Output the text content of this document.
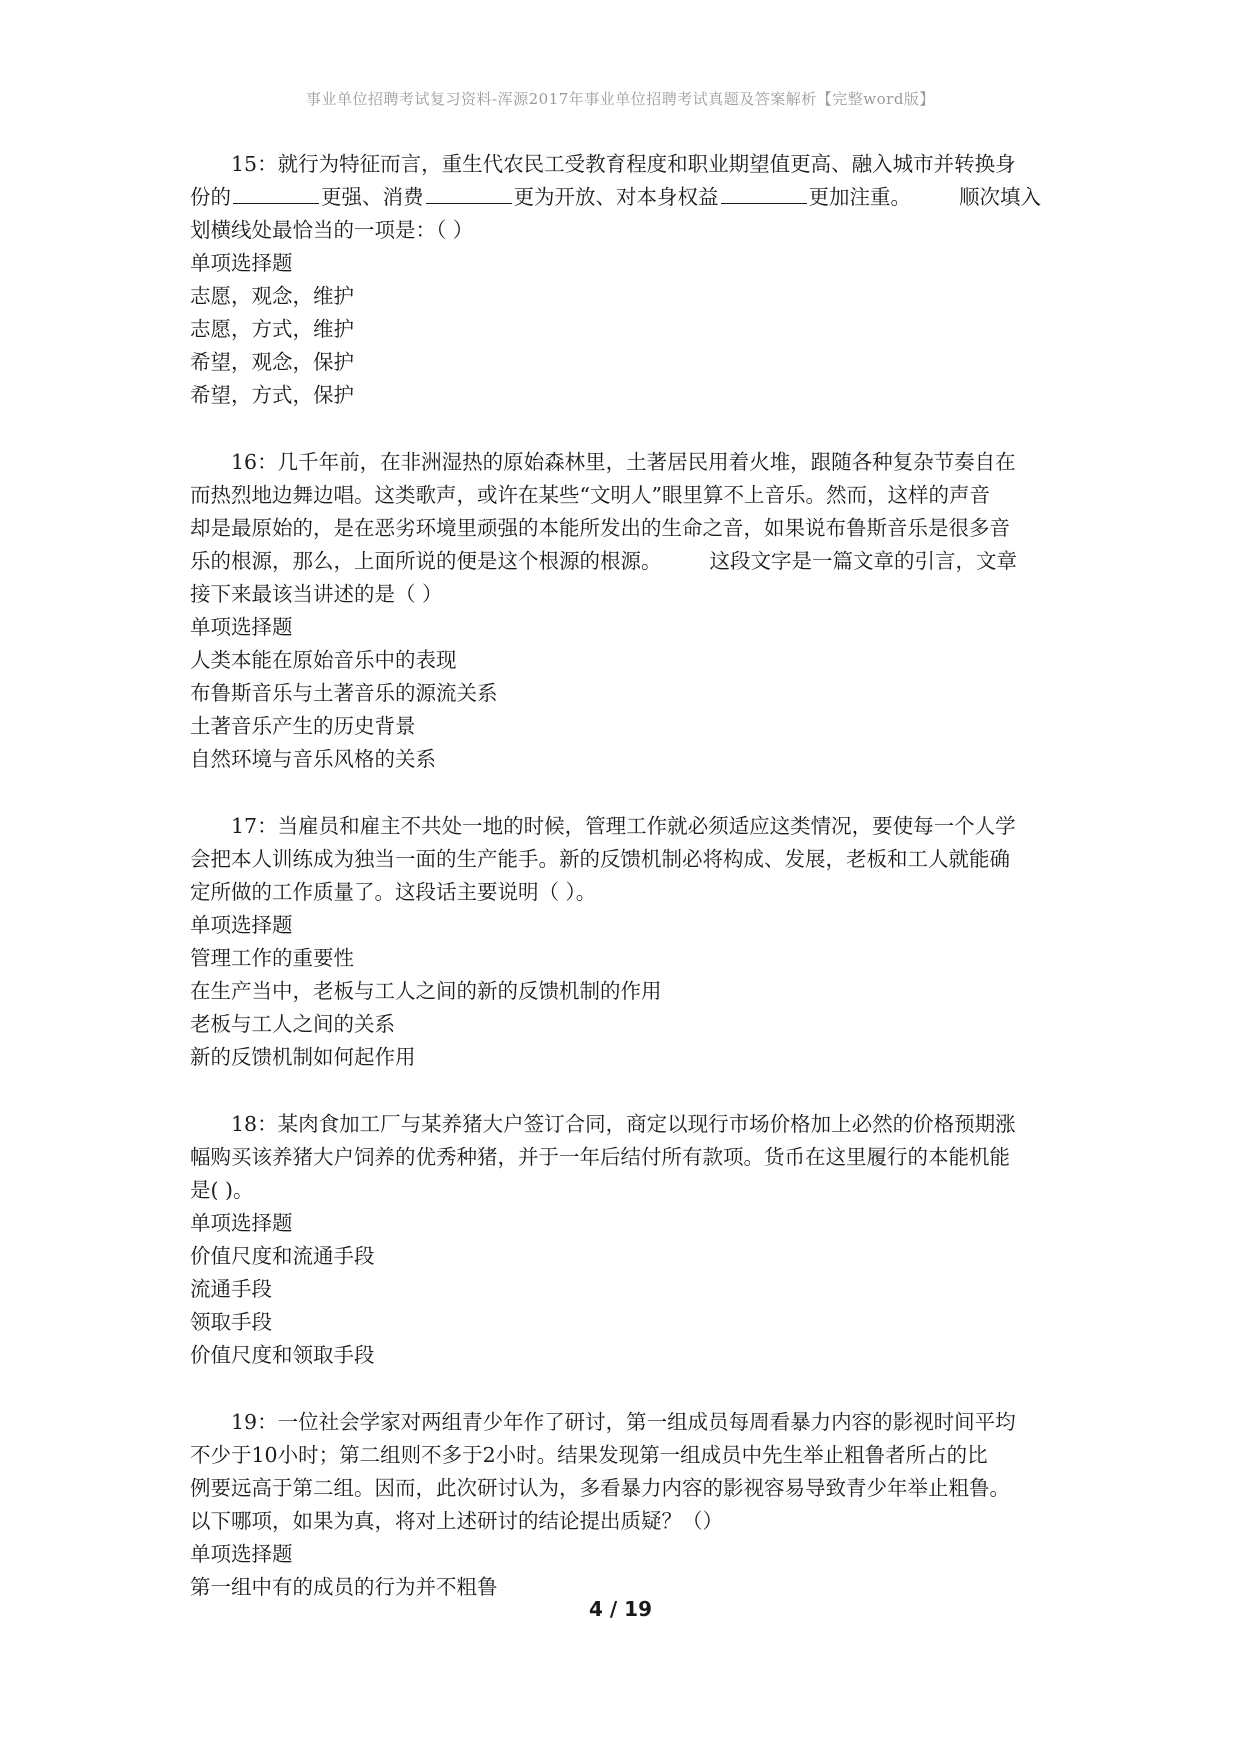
事业单位招聘考试复习资料-浑源2017年事业单位招聘考试真题及答案解析【完整word版】
15：就行为特征而言，重生代农民工受教育程度和职业期望值更高、融入城市并转换身
份的	更强、消费	更为开放、对本身权益	更加注重。 顺次填入
划横线处最恰当的一项是：（ ）
单项选择题
志愿，观念，维护
志愿，方式，维护
希望，观念，保护
希望，方式，保护
16：几千年前，在非洲湿热的原始森林里，土著居民用着火堆，跟随各种复杂节奏自在
而热烈地边舞边唱。这类歌声，或许在某些“文明人”眼里算不上音乐。然而，这样的声音
却是最原始的，是在恶劣环境里顽强的本能所发出的生命之音，如果说布鲁斯音乐是很多音
乐的根源，那么，上面所说的便是这个根源的根源。 这段文字是一篇文章的引言，文章
接下来最该当讲述的是（ ）
单项选择题
人类本能在原始音乐中的表现
布鲁斯音乐与土著音乐的源流关系
土著音乐产生的历史背景
自然环境与音乐风格的关系
17：当雇员和雇主不共处一地的时候，管理工作就必须适应这类情况，要使每一个人学
会把本人训练成为独当一面的生产能手。新的反馈机制必将构成、发展，老板和工人就能确
定所做的工作质量了。这段话主要说明（ ）。
单项选择题
管理工作的重要性
在生产当中，老板与工人之间的新的反馈机制的作用
老板与工人之间的关系
新的反馈机制如何起作用
18：某肉食加工厂与某养猪大户签订合同，商定以现行市场价格加上必然的价格预期涨
幅购买该养猪大户饲养的优秀种猪，并于一年后结付所有款项。货币在这里履行的本能机能
是( )。
单项选择题
价值尺度和流通手段
流通手段
领取手段
价值尺度和领取手段
19：一位社会学家对两组青少年作了研讨，第一组成员每周看暴力内容的影视时间平均
不少于10小时；第二组则不多于2小时。结果发现第一组成员中先生举止粗鲁者所占的比
例要远高于第二组。因而，此次研讨认为，多看暴力内容的影视容易导致青少年举止粗鲁。
以下哪项，如果为真，将对上述研讨的结论提出质疑？（）
单项选择题
第一组中有的成员的行为并不粗鲁
4 / 19
